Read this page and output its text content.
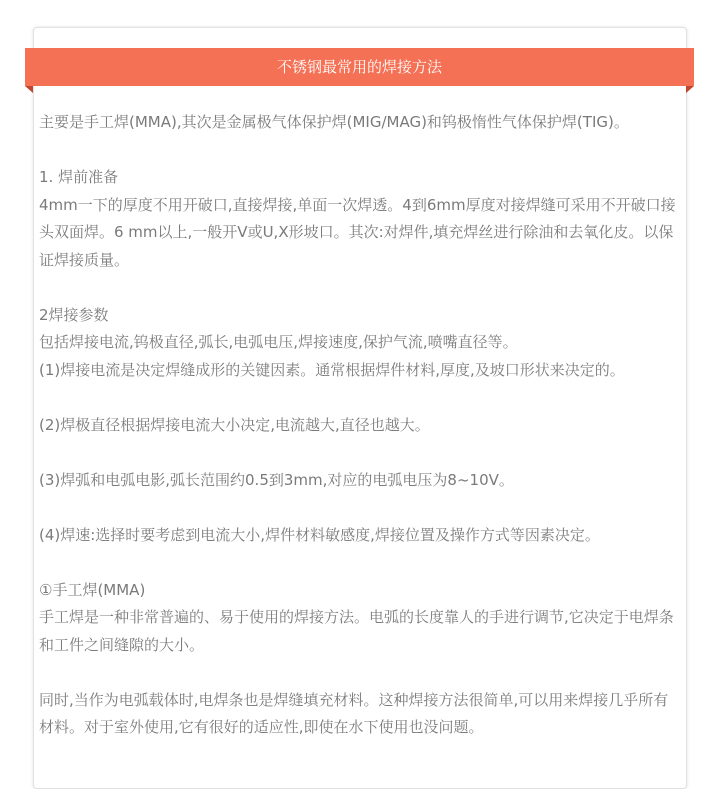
不锈钢最常用的焊接方法

主要是手工焊(MMA),其次是金属极气体保护焊(MIG/MAG)和钨极惰性气体保护焊(TIG)。

1. 焊前准备

4mm一下的厚度不用开破口,直接焊接,单面一次焊透。4到6mm厚度对接焊缝可采用不开破口接头双面焊。6 mm以上,一般开V或U,X形坡口。其次:对焊件,填充焊丝进行除油和去氧化皮。以保证焊接质量。

2焊接参数

包括焊接电流,钨极直径,弧长,电弧电压,焊接速度,保护气流,喷嘴直径等。

(1)焊接电流是决定焊缝成形的关键因素。通常根据焊件材料,厚度,及坡口形状来决定的。

(2)焊极直径根据焊接电流大小决定,电流越大,直径也越大。

(3)焊弧和电弧电影,弧长范围约0.5到3mm,对应的电弧电压为8~10V。

(4)焊速:选择时要考虑到电流大小,焊件材料敏感度,焊接位置及操作方式等因素决定。

①手工焊(MMA)

手工焊是一种非常普遍的、易于使用的焊接方法。电弧的长度靠人的手进行调节,它决定于电焊条和工件之间缝隙的大小。

同时,当作为电弧载体时,电焊条也是焊缝填充材料。这种焊接方法很简单,可以用来焊接几乎所有材料。对于室外使用,它有很好的适应性,即使在水下使用也没问题。
